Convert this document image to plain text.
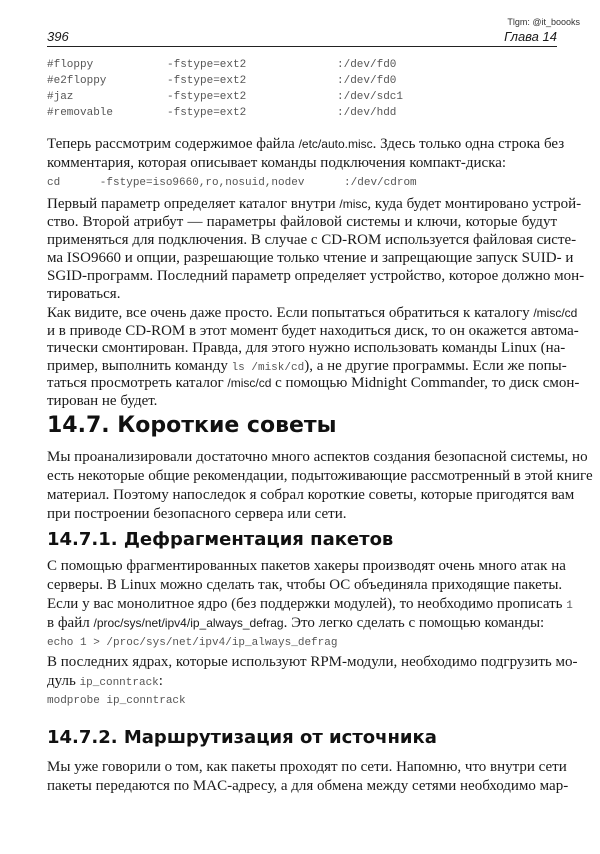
Tlgm: @it_boooks
396	Глава 14
#floppy	-fstype=ext2	:/dev/fd0
#e2floppy	-fstype=ext2	:/dev/fd0
#jaz	-fstype=ext2	:/dev/sdc1
#removable	-fstype=ext2	:/dev/hdd
Теперь рассмотрим содержимое файла /etc/auto.misc. Здесь только одна строка без
комментария, которая описывает команды подключения компакт-диска:
cd      -fstype=iso9660,ro,nosuid,nodev      :/dev/cdrom
Первый параметр определяет каталог внутри /misc, куда будет монтировано устрой-
ство. Второй атрибут — параметры файловой системы и ключи, которые будут
применяться для подключения. В случае с CD-ROM используется файловая систе-
ма ISO9660 и опции, разрешающие только чтение и запрещающие запуск SUID- и
SGID-программ. Последний параметр определяет устройство, которое должно мон-
тироваться.
Как видите, все очень даже просто. Если попытаться обратиться к каталогу /misc/cd
и в приводе CD-ROM в этот момент будет находиться диск, то он окажется автома-
тически смонтирован. Правда, для этого нужно использовать команды Linux (на-
пример, выполнить команду ls /misk/cd), а не другие программы. Если же попы-
таться просмотреть каталог /misc/cd с помощью Midnight Commander, то диск смон-
тирован не будет.
14.7. Короткие советы
Мы проанализировали достаточно много аспектов создания безопасной системы, но
есть некоторые общие рекомендации, подытоживающие рассмотренный в этой книге
материал. Поэтому напоследок я собрал короткие советы, которые пригодятся вам
при построении безопасного сервера или сети.
14.7.1. Дефрагментация пакетов
С помощью фрагментированных пакетов хакеры производят очень много атак на
серверы. В Linux можно сделать так, чтобы ОС объединяла приходящие пакеты.
Если у вас монолитное ядро (без поддержки модулей), то необходимо прописать 1
в файл /proc/sys/net/ipv4/ip_always_defrag. Это легко сделать с помощью команды:
echo 1 > /proc/sys/net/ipv4/ip_always_defrag
В последних ядрах, которые используют RPM-модули, необходимо подгрузить мо-
дуль ip_conntrack:
modprobe ip_conntrack
14.7.2. Маршрутизация от источника
Мы уже говорили о том, как пакеты проходят по сети. Напомню, что внутри сети
пакеты передаются по MAC-адресу, а для обмена между сетями необходимо мар-
